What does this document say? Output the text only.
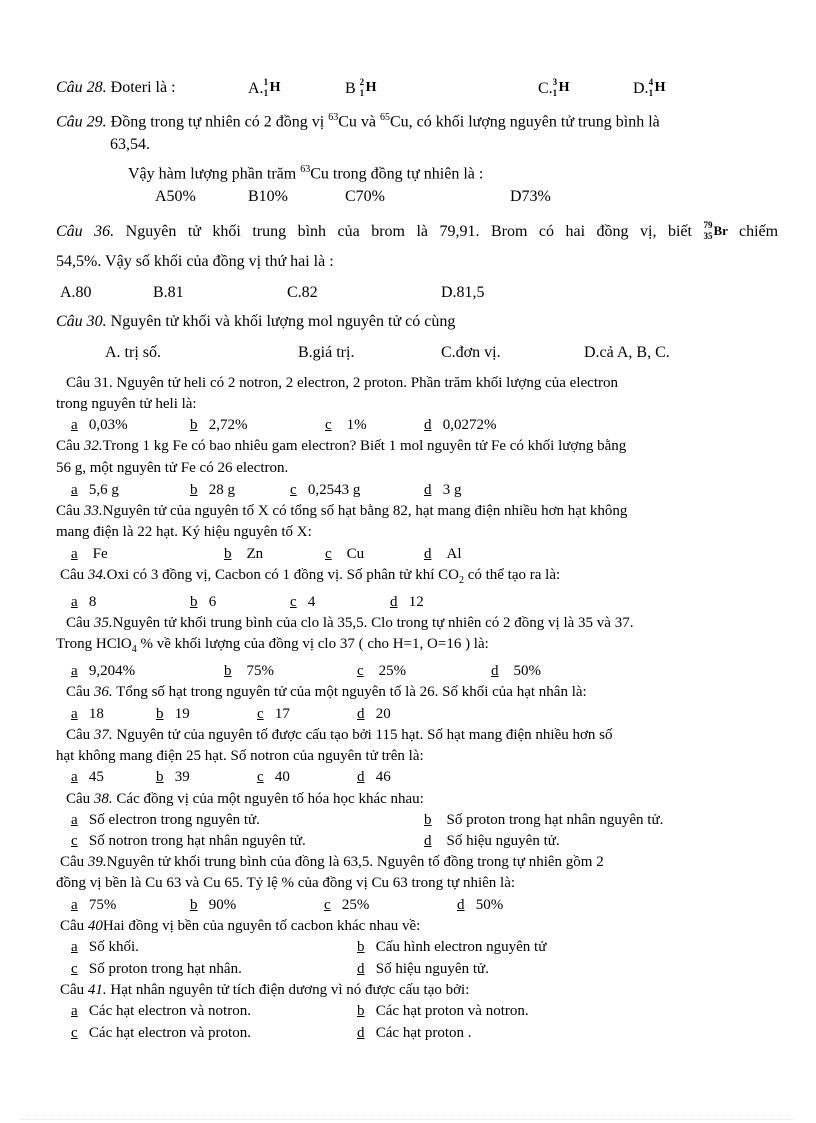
Câu 28. Đoteri là :	A. 1
1 H	B 2
1 H	C. 3
1 H	D. 4
1 H
Câu 29. Đồng trong tự nhiên có 2 đồng vị $^{63}$Cu và $^{65}$Cu, có khối lượng nguyên tử trung bình là
63,54.
Vậy hàm lượng phần trăm $^{63}$Cu trong đồng tự nhiên là :
A50%	B10%	C70%	D73%
Câu 36. Nguyên tử khối trung bình của brom là 79,91. Brom có hai đồng vị, biết 79
35 Br chiếm
54,5%. Vậy số khối của đồng vị thứ hai là :
A.80	B.81	C.82	D.81,5
Câu 30. Nguyên tử khối và khối lượng mol nguyên tử có cùng
A. trị số.	B.giá trị.	C.đơn vị.	D.cả A, B, C.
Câu 31. Nguyên tử heli có 2 notron, 2 electron, 2 proton. Phần trăm khối lượng của electron
trong nguyên tử heli là:
a 0,03%	b 2,72%	c 1%	d 0,0272%
Câu 32.Trong 1 kg Fe có bao nhiêu gam electron? Biết 1 mol nguyên tử Fe có khối lượng bằng
56 g, một nguyên tử Fe có 26 electron.
a 5,6 g	b 28 g	c 0,2543 g	d 3 g
Câu 33.Nguyên tử của nguyên tố X có tổng số hạt bằng 82, hạt mang điện nhiều hơn hạt không
mang điện là 22 hạt. Ký hiệu nguyên tố X:
a Fe	b Zn	c Cu	d Al
Câu 34.Oxi có 3 đồng vị, Cacbon có 1 đồng vị. Số phân tử khí $CO_2$ có thể tạo ra là:
a 8	b 6	c 4	d 12
Câu 35.Nguyên tử khối trung bình của clo là 35,5. Clo trong tự nhiên có 2 đồng vị là 35 và 37.
Trong HClO$_4$ % về khối lượng của đồng vị clo 37 ( cho H=1, O=16 ) là:
a 9,204%	b 75%	c 25%	d 50%
Câu 36. Tổng số hạt trong nguyên tử của một nguyên tố là 26. Số khối của hạt nhân là:
a 18	b 19	c 17	d 20
Câu 37. Nguyên tử của nguyên tố được cấu tạo bởi 115 hạt. Số hạt mang điện nhiều hơn số
hạt không mang điện 25 hạt. Số notron của nguyên tử trên là:
a 45	b 39	c 40	d 46
Câu 38. Các đồng vị của một nguyên tố hóa học khác nhau:
a Số electron trong nguyên tử.	b Số proton trong hạt nhân nguyên tử.
c Số notron trong hạt nhân nguyên tử.	d Số hiệu nguyên tử.
Câu 39.Nguyên tử khối trung bình của đồng là 63,5. Nguyên tố đồng trong tự nhiên gồm 2
đồng vị bền là Cu 63 và Cu 65. Tỷ lệ % của đồng vị Cu 63 trong tự nhiên là:
a 75%	b 90%	c 25%	d 50%
Câu 40Hai đồng vị bền của nguyên tố cacbon khác nhau về:
a Số khối.	b Cấu hình electron nguyên tử
c Số proton trong hạt nhân.	d Số hiệu nguyên tử.
Câu 41. Hạt nhân nguyên tử tích điện dương vì nó được cấu tạo bởi:
a Các hạt electron và notron.	b Các hạt proton và notron.
c Các hạt electron và proton.	d Các hạt proton .
